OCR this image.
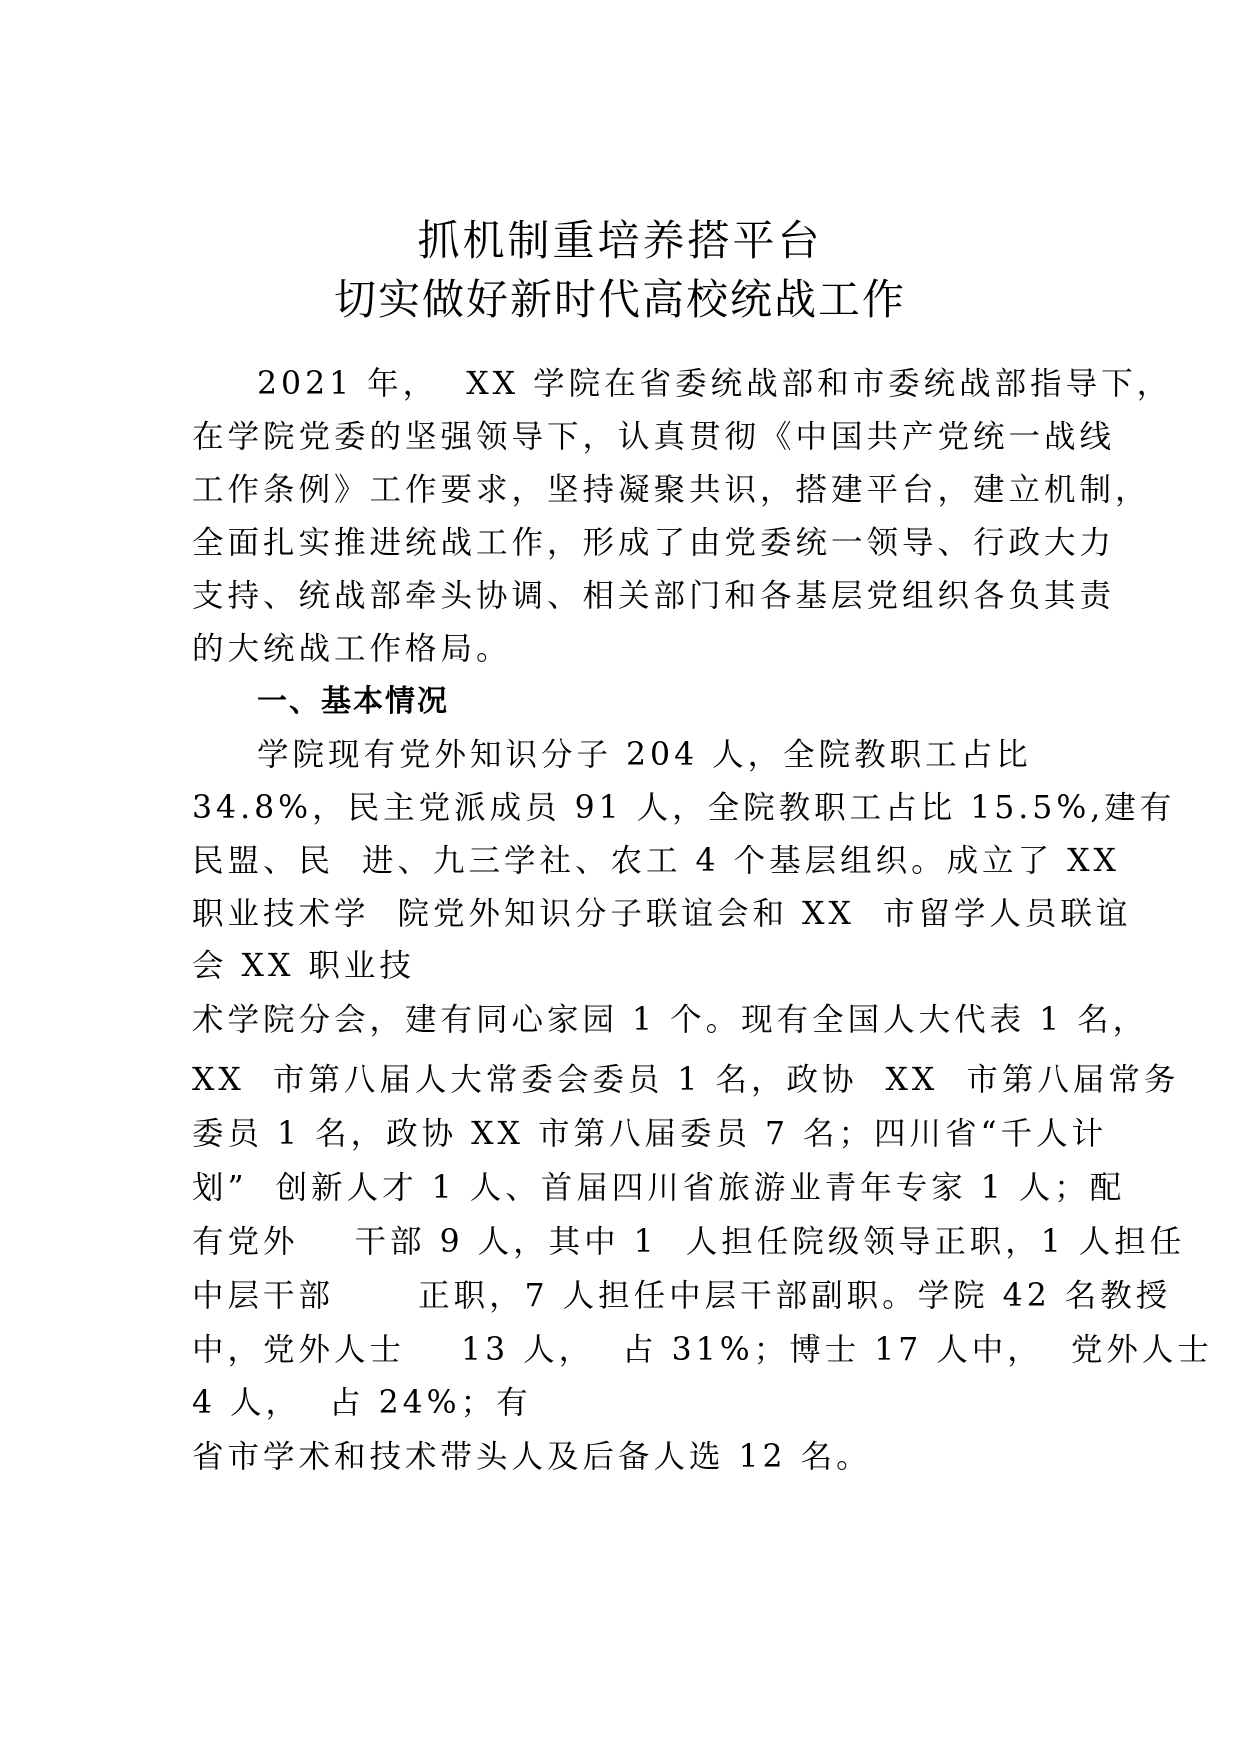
抓机制重培养搭平台
切实做好新时代高校统战工作
2021 年，  XX 学院在省委统战部和市委统战部指导下，
在学院党委的坚强领导下，认真贯彻《中国共产党统一战线
工作条例》工作要求，坚持凝聚共识，搭建平台，建立机制，
全面扎实推进统战工作，形成了由党委统一领导、行政大力
支持、统战部牵头协调、相关部门和各基层党组织各负其责
的大统战工作格局。
一、基本情况
学院现有党外知识分子 204 人，全院教职工占比
34.8%，民主党派成员 91 人，全院教职工占比 15.5%,建有
民盟、民  进、九三学社、农工 4 个基层组织。成立了 XX
职业技术学  院党外知识分子联谊会和 XX  市留学人员联谊
会 XX 职业技
术学院分会，建有同心家园 1 个。现有全国人大代表 1 名，
XX  市第八届人大常委会委员 1 名，政协  XX  市第八届常务
委员 1 名，政协 XX 市第八届委员 7 名；四川省“千人计
划”  创新人才 1 人、首届四川省旅游业青年专家 1 人；配
有党外    干部 9 人，其中 1  人担任院级领导正职，1 人担任
中层干部      正职，7 人担任中层干部副职。学院 42 名教授
中，党外人士    13 人，  占 31%；博士 17 人中，  党外人士
4 人，  占 24%；有
省市学术和技术带头人及后备人选 12 名。
